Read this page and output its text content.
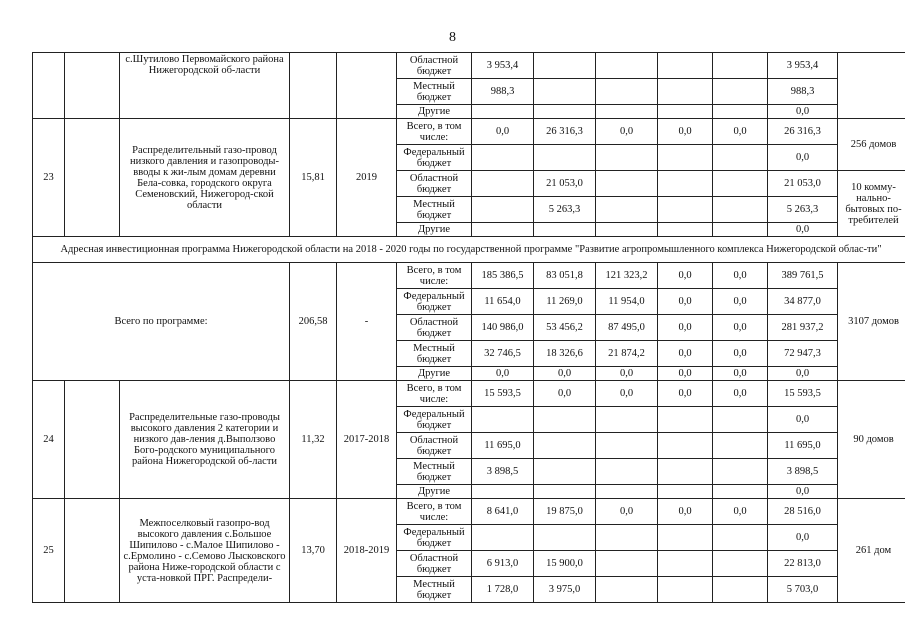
8
		с.Шутилово Первомайского района Нижегородской об-ласти			Областной бюджет	3 953,4					3 953,4	
					Местный бюджет	988,3					988,3	
					Другие						0,0	
23		Распределительный газо-провод низкого давления и газопроводы-вводы к жи-лым домам деревни Бела-совка, городского округа Семеновский, Нижегород-ской области	15,81	2019	Всего, в том числе:	0,0	26 316,3	0,0	0,0	0,0	26 316,3	256 домов
					Федеральный бюджет						0,0	
					Областной бюджет		21 053,0				21 053,0	10 комму-нально-бытовых по-требителей
					Местный бюджет		5 263,3				5 263,3	
					Другие						0,0	
Адресная инвестиционная программа Нижегородской области на 2018 - 2020 годы по государственной программе "Развитие агропромышленного комплекса Нижегородской облас-ти"												
Всего по программе:			206,58	-	Всего, в том числе:	185 386,5	83 051,8	121 323,2	0,0	0,0	389 761,5	3107 домов
					Федеральный бюджет	11 654,0	11 269,0	11 954,0	0,0	0,0	34 877,0	
					Областной бюджет	140 986,0	53 456,2	87 495,0	0,0	0,0	281 937,2	
					Местный бюджет	32 746,5	18 326,6	21 874,2	0,0	0,0	72 947,3	
					Другие	0,0	0,0	0,0	0,0	0,0	0,0	
24		Распределительные газо-проводы высокого давления 2 категории и низкого дав-ления д.Выползово Бого-родского муниципального района Нижегородской об-ласти	11,32	2017-2018	Всего, в том числе:	15 593,5	0,0	0,0	0,0	0,0	15 593,5	90 домов
					Федеральный бюджет						0,0	
					Областной бюджет	11 695,0					11 695,0	
					Местный бюджет	3 898,5					3 898,5	
					Другие						0,0	
25		Межпоселковый газопро-вод высокого давления с.Большое Шипилово - с.Малое Шипилово - с.Ермолино - с.Семово Лысковского района Ниже-городской области с уста-новкой ПРГ. Распредели-	13,70	2018-2019	Всего, в том числе:	8 641,0	19 875,0	0,0	0,0	0,0	28 516,0	261 дом
					Федеральный бюджет						0,0	
					Областной бюджет	6 913,0	15 900,0				22 813,0	
					Местный бюджет	1 728,0	3 975,0				5 703,0	
